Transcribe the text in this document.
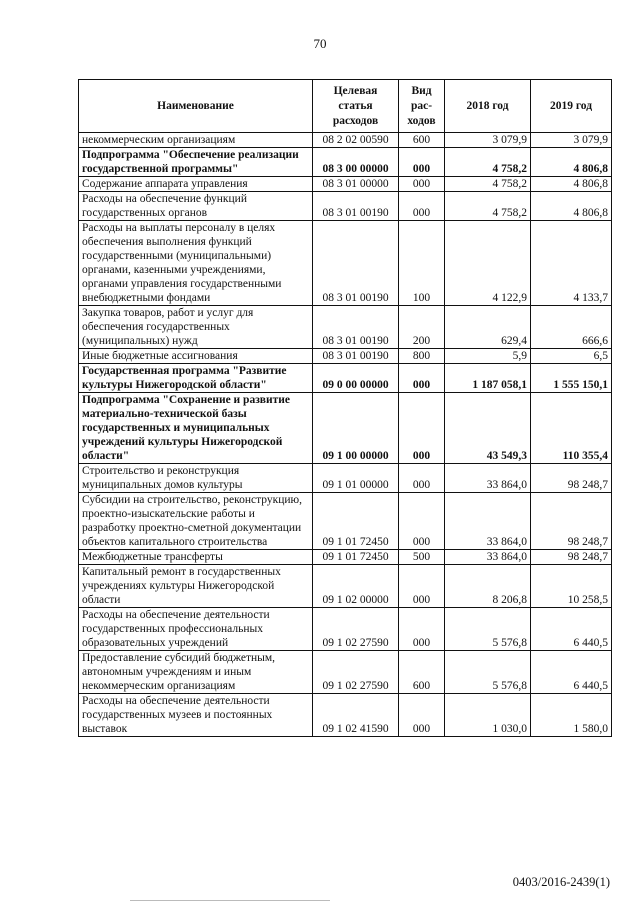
70
Наименование	Целевая статья расходов	Вид рас-ходов	2018 год	2019 год
некоммерческим организациям	08 2 02 00590	600	3 079,9	3 079,9
Подпрограмма "Обеспечение реализации государственной программы"	08 3 00 00000	000	4 758,2	4 806,8
Содержание аппарата управления	08 3 01 00000	000	4 758,2	4 806,8
Расходы на обеспечение функций государственных органов	08 3 01 00190	000	4 758,2	4 806,8
Расходы на выплаты персоналу в целях обеспечения выполнения функций государственными (муниципальными) органами, казенными учреждениями, органами управления государственными внебюджетными фондами	08 3 01 00190	100	4 122,9	4 133,7
Закупка товаров, работ и услуг для обеспечения государственных (муниципальных) нужд	08 3 01 00190	200	629,4	666,6
Иные бюджетные ассигнования	08 3 01 00190	800	5,9	6,5
Государственная программа "Развитие культуры Нижегородской области"	09 0 00 00000	000	1 187 058,1	1 555 150,1
Подпрограмма "Сохранение и развитие материально-технической базы государственных и муниципальных учреждений культуры Нижегородской области"	09 1 00 00000	000	43 549,3	110 355,4
Строительство и реконструкция муниципальных домов культуры	09 1 01 00000	000	33 864,0	98 248,7
Субсидии на строительство, реконструкцию, проектно-изыскательские работы и разработку проектно-сметной документации объектов капитального строительства	09 1 01 72450	000	33 864,0	98 248,7
Межбюджетные трансферты	09 1 01 72450	500	33 864,0	98 248,7
Капитальный ремонт в государственных учреждениях культуры Нижегородской области	09 1 02 00000	000	8 206,8	10 258,5
Расходы на обеспечение деятельности государственных профессиональных образовательных учреждений	09 1 02 27590	000	5 576,8	6 440,5
Предоставление субсидий бюджетным, автономным учреждениям и иным некоммерческим организациям	09 1 02 27590	600	5 576,8	6 440,5
Расходы на обеспечение деятельности государственных музеев и постоянных выставок	09 1 02 41590	000	1 030,0	1 580,0
0403/2016-2439(1)
